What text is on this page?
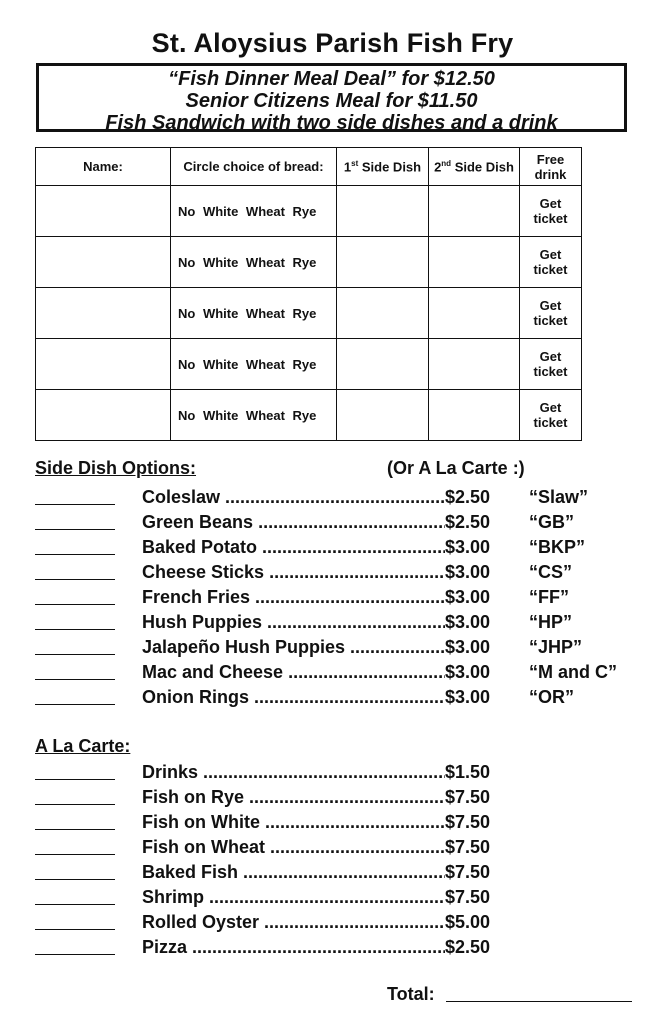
St. Aloysius Parish Fish Fry
“Fish Dinner Meal Deal” for $12.50
Senior Citizens Meal for $11.50
Fish Sandwich with two side dishes and a drink
Name:	Circle choice of bread:	1st Side Dish	2nd Side Dish	Free
drink
	No White Wheat Rye			Get
ticket
	No White Wheat Rye			Get
ticket
	No White Wheat Rye			Get
ticket
	No White Wheat Rye			Get
ticket
	No White Wheat Rye			Get
ticket
Side Dish Options:	(Or A La Carte :)
Coleslaw .....	$2.50 “Slaw”
Green Beans .....	$2.50 “GB”
Baked Potato .....	$3.00 “BKP”
Cheese Sticks .....	$3.00 “CS”
French Fries .....	$3.00 “FF”
Hush Puppies .....	$3.00 “HP”
Jalapeño Hush Puppies .....	$3.00 “JHP”
Mac and Cheese .....	$3.00 “M and C”
Onion Rings .....	$3.00 “OR”
A La Carte:
Drinks .....	$1.50
Fish on Rye .....	$7.50
Fish on White .....	$7.50
Fish on Wheat .....	$7.50
Baked Fish .....	$7.50
Shrimp .....	$7.50
Rolled Oyster .....	$5.00
Pizza .....	$2.50
Total:
